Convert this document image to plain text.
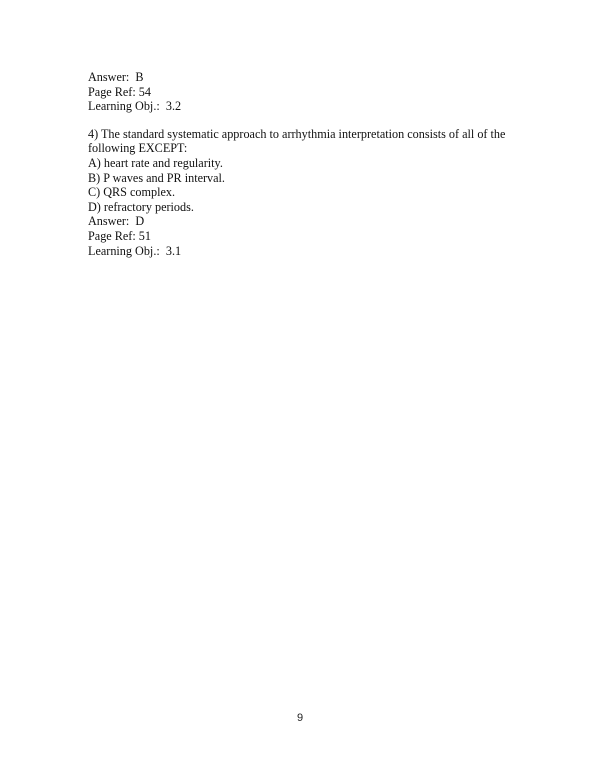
Answer:  B

Page Ref: 54

Learning Obj.:  3.2

4) The standard systematic approach to arrhythmia interpretation consists of all of the

following EXCEPT:

A) heart rate and regularity.

B) P waves and PR interval.

C) QRS complex.

D) refractory periods.

Answer:  D

Page Ref: 51

Learning Obj.:  3.1

9
